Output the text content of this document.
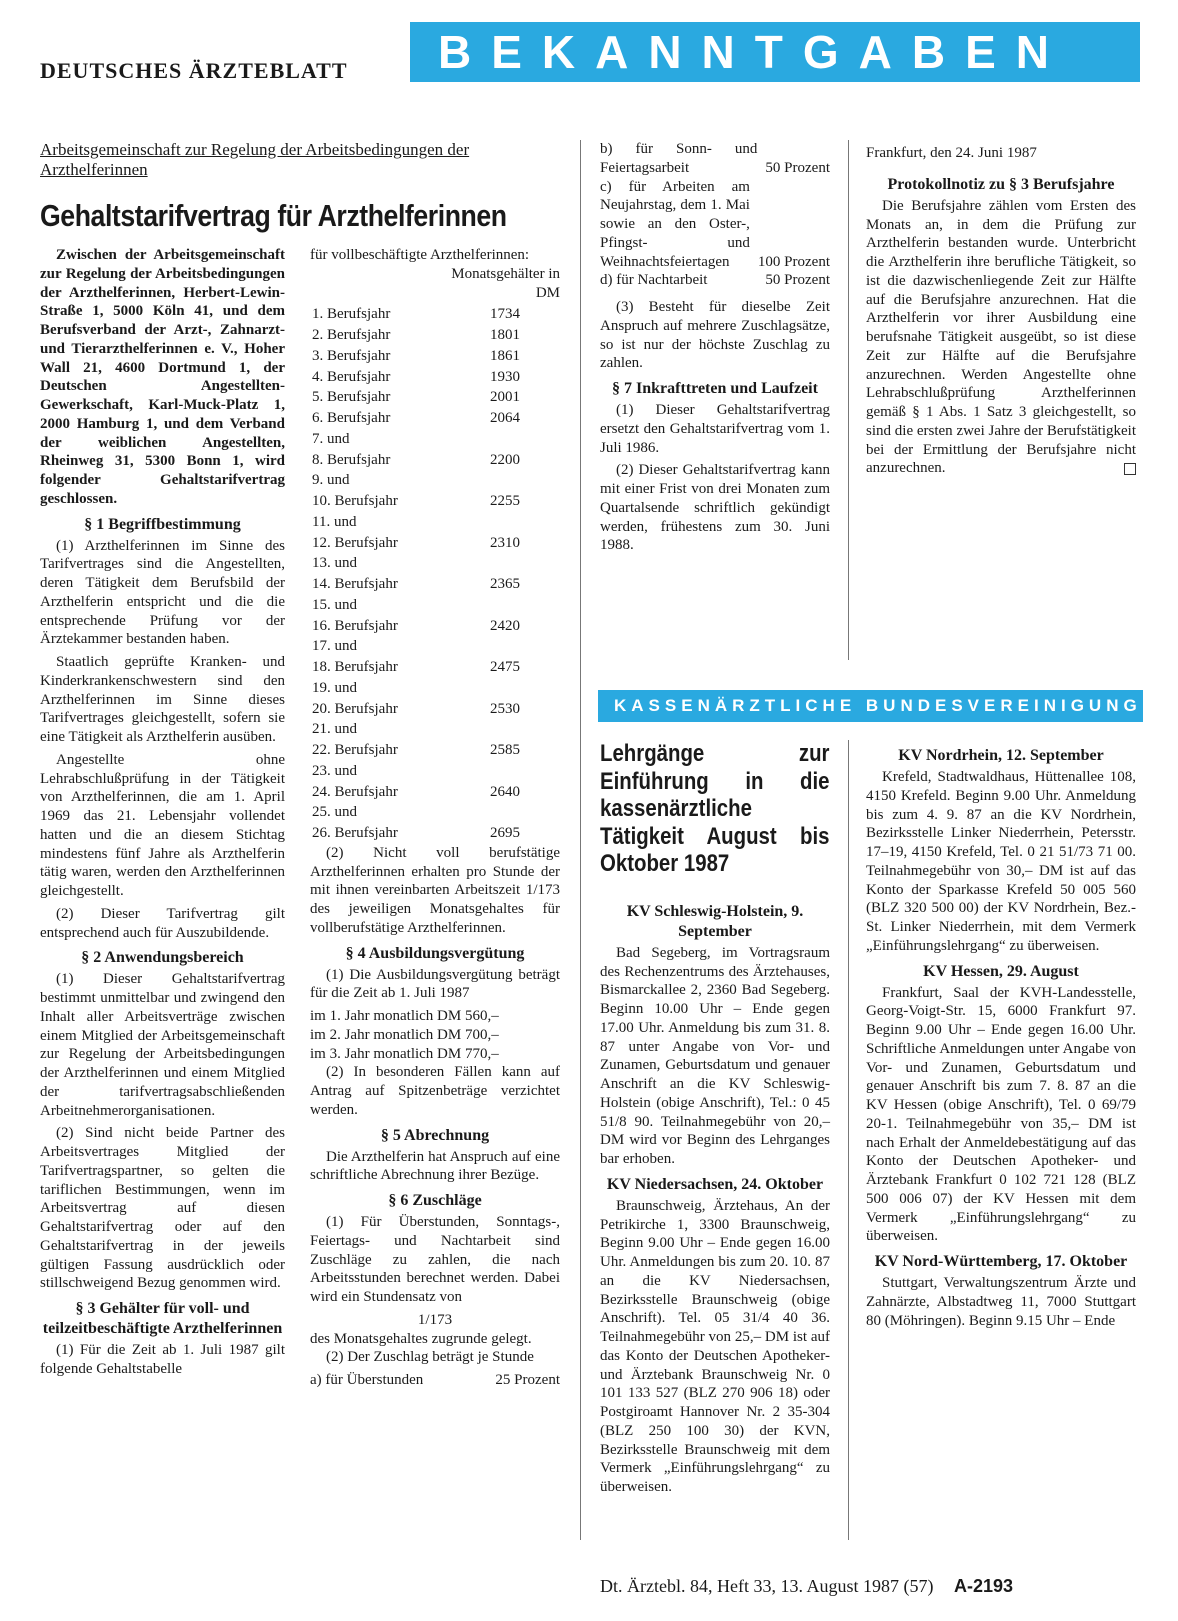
DEUTSCHES ÄRZTEBLATT	BEKANNTGABEN
Arbeitsgemeinschaft zur Regelung der Arbeitsbedingungen der Arzthelferinnen
Gehaltstarifvertrag für Arzthelferinnen

Zwischen der Arbeitsgemeinschaft zur Regelung der Arbeitsbedingungen der Arzthelferinnen, Herbert-Lewin-Straße 1, 5000 Köln 41, und dem Berufsverband der Arzt-, Zahnarzt- und Tierarzthelferinnen e. V., Hoher Wall 21, 4600 Dortmund 1, der Deutschen Angestellten-Gewerkschaft, Karl-Muck-Platz 1, 2000 Hamburg 1, und dem Verband der weiblichen Angestellten, Rheinweg 31, 5300 Bonn 1, wird folgender Gehaltstarifvertrag geschlossen.

§ 1 Begriffbestimmung

(1) Arzthelferinnen im Sinne des Tarifvertrages sind die Angestellten, deren Tätigkeit dem Berufsbild der Arzthelferin entspricht und die die entsprechende Prüfung vor der Ärztekammer bestanden haben.

Staatlich geprüfte Kranken- und Kinderkrankenschwestern sind den Arzthelferinnen im Sinne dieses Tarifvertrages gleichgestellt, sofern sie eine Tätigkeit als Arzthelferin ausüben.

Angestellte ohne Lehrabschlußprüfung in der Tätigkeit von Arzthelferinnen, die am 1. April 1969 das 21. Lebensjahr vollendet hatten und die an diesem Stichtag mindestens fünf Jahre als Arzthelferin tätig waren, werden den Arzthelferinnen gleichgestellt.

(2) Dieser Tarifvertrag gilt entsprechend auch für Auszubildende.

§ 2 Anwendungsbereich

(1) Dieser Gehaltstarifvertrag bestimmt unmittelbar und zwingend den Inhalt aller Arbeitsverträge zwischen einem Mitglied der Arbeitsgemeinschaft zur Regelung der Arbeitsbedingungen der Arzthelferinnen und einem Mitglied der tarifvertragsabschließenden Arbeitnehmerorganisationen.

(2) Sind nicht beide Partner des Arbeitsvertrages Mitglied der Tarifvertragspartner, so gelten die tariflichen Bestimmungen, wenn im Arbeitsvertrag auf diesen Gehaltstarifvertrag oder auf den Gehaltstarifvertrag in der jeweils gültigen Fassung ausdrücklich oder stillschweigend Bezug genommen wird.

§ 3 Gehälter für voll- und teilzeitbeschäftigte Arzthelferinnen

(1) Für die Zeit ab 1. Juli 1987 gilt folgende Gehaltstabelle

für vollbeschäftigte Arzthelferinnen:
Monatsgehälter in DM
1. Berufsjahr	1734
2. Berufsjahr	1801
3. Berufsjahr	1861
4. Berufsjahr	1930
5. Berufsjahr	2001
6. Berufsjahr	2064
7. und	
8. Berufsjahr	2200
9. und	
10. Berufsjahr	2255
11. und	
12. Berufsjahr	2310
13. und	
14. Berufsjahr	2365
15. und	
16. Berufsjahr	2420
17. und	
18. Berufsjahr	2475
19. und	
20. Berufsjahr	2530
21. und	
22. Berufsjahr	2585
23. und	
24. Berufsjahr	2640
25. und	
26. Berufsjahr	2695

(2) Nicht voll berufstätige Arzthelferinnen erhalten pro Stunde der mit ihnen vereinbarten Arbeitszeit 1/173 des jeweiligen Monatsgehaltes für vollberufstätige Arzthelferinnen.

§ 4 Ausbildungsvergütung

(1) Die Ausbildungsvergütung beträgt für die Zeit ab 1. Juli 1987

im 1. Jahr monatlich DM 560,–
im 2. Jahr monatlich DM 700,–
im 3. Jahr monatlich DM 770,–

(2) In besonderen Fällen kann auf Antrag auf Spitzenbeträge verzichtet werden.

§ 5 Abrechnung

Die Arzthelferin hat Anspruch auf eine schriftliche Abrechnung ihrer Bezüge.

§ 6 Zuschläge

(1) Für Überstunden, Sonntags-, Feiertags- und Nachtarbeit sind Zuschläge zu zahlen, die nach Arbeitsstunden berechnet werden. Dabei wird ein Stundensatz von

1/173
des Monatsgehaltes zugrunde gelegt.

(2) Der Zuschlag beträgt je Stunde

a) für Überstunden	25 Prozent
b) für Sonn- und Feiertagsarbeit	50 Prozent
c) für Arbeiten am Neujahrstag, dem 1. Mai sowie an den Oster-, Pfingst- und Weihnachtsfeiertagen	100 Prozent
d) für Nachtarbeit	50 Prozent

(3) Besteht für dieselbe Zeit Anspruch auf mehrere Zuschlagsätze, so ist nur der höchste Zuschlag zu zahlen.

§ 7 Inkrafttreten und Laufzeit

(1) Dieser Gehaltstarifvertrag ersetzt den Gehaltstarifvertrag vom 1. Juli 1986.

(2) Dieser Gehaltstarifvertrag kann mit einer Frist von drei Monaten zum Quartalsende schriftlich gekündigt werden, frühestens zum 30. Juni 1988.

Frankfurt, den 24. Juni 1987
Protokollnotiz zu § 3 Berufsjahre

Die Berufsjahre zählen vom Ersten des Monats an, in dem die Prüfung zur Arzthelferin bestanden wurde. Unterbricht die Arzthelferin ihre berufliche Tätigkeit, so ist die dazwischenliegende Zeit zur Hälfte auf die Berufsjahre anzurechnen. Hat die Arzthelferin vor ihrer Ausbildung eine berufsnahe Tätigkeit ausgeübt, so ist diese Zeit zur Hälfte auf die Berufsjahre anzurechnen. Werden Angestellte ohne Lehrabschlußprüfung Arzthelferinnen gemäß § 1 Abs. 1 Satz 3 gleichgestellt, so sind die ersten zwei Jahre der Berufstätigkeit bei der Ermittlung der Berufsjahre nicht anzurechnen.

KASSENÄRZTLICHE BUNDESVEREINIGUNG
Lehrgänge zur Einführung in die kassenärztliche Tätigkeit August bis Oktober 1987
KV Schleswig-Holstein, 9. September

Bad Segeberg, im Vortragsraum des Rechenzentrums des Ärztehauses, Bismarckallee 2, 2360 Bad Segeberg. Beginn 10.00 Uhr – Ende gegen 17.00 Uhr. Anmeldung bis zum 31. 8. 87 unter Angabe von Vor- und Zunamen, Geburtsdatum und genauer Anschrift an die KV Schleswig-Holstein (obige Anschrift), Tel.: 0 45 51/8 90. Teilnahmegebühr von 20,– DM wird vor Beginn des Lehrganges bar erhoben.

KV Niedersachsen, 24. Oktober

Braunschweig, Ärztehaus, An der Petrikirche 1, 3300 Braunschweig, Beginn 9.00 Uhr – Ende gegen 16.00 Uhr. Anmeldungen bis zum 20. 10. 87 an die KV Niedersachsen, Bezirksstelle Braunschweig (obige Anschrift). Tel. 05 31/4 40 36. Teilnahmegebühr von 25,– DM ist auf das Konto der Deutschen Apotheker- und Ärztebank Braunschweig Nr. 0 101 133 527 (BLZ 270 906 18) oder Postgiroamt Hannover Nr. 2 35-304 (BLZ 250 100 30) der KVN, Bezirksstelle Braunschweig mit dem Vermerk „Einführungslehrgang“ zu überweisen.

KV Nordrhein, 12. September

Krefeld, Stadtwaldhaus, Hüttenallee 108, 4150 Krefeld. Beginn 9.00 Uhr. Anmeldung bis zum 4. 9. 87 an die KV Nordrhein, Bezirksstelle Linker Niederrhein, Petersstr. 17–19, 4150 Krefeld, Tel. 0 21 51/73 71 00. Teilnahmegebühr von 30,– DM ist auf das Konto der Sparkasse Krefeld 50 005 560 (BLZ 320 500 00) der KV Nordrhein, Bez.-St. Linker Niederrhein, mit dem Vermerk „Einführungslehrgang“ zu überweisen.

KV Hessen, 29. August

Frankfurt, Saal der KVH-Landesstelle, Georg-Voigt-Str. 15, 6000 Frankfurt 97. Beginn 9.00 Uhr – Ende gegen 16.00 Uhr. Schriftliche Anmeldungen unter Angabe von Vor- und Zunamen, Geburtsdatum und genauer Anschrift bis zum 7. 8. 87 an die KV Hessen (obige Anschrift), Tel. 0 69/79 20-1. Teilnahmegebühr von 35,– DM ist nach Erhalt der Anmeldebestätigung auf das Konto der Deutschen Apotheker- und Ärztebank Frankfurt 0 102 721 128 (BLZ 500 006 07) der KV Hessen mit dem Vermerk „Einführungslehrgang“ zu überweisen.

KV Nord-Württemberg, 17. Oktober

Stuttgart, Verwaltungszentrum Ärzte und Zahnärzte, Albstadtweg 11, 7000 Stuttgart 80 (Möhringen). Beginn 9.15 Uhr – Ende

Dt. Ärztebl. 84, Heft 33, 13. August 1987 (57) A-2193
